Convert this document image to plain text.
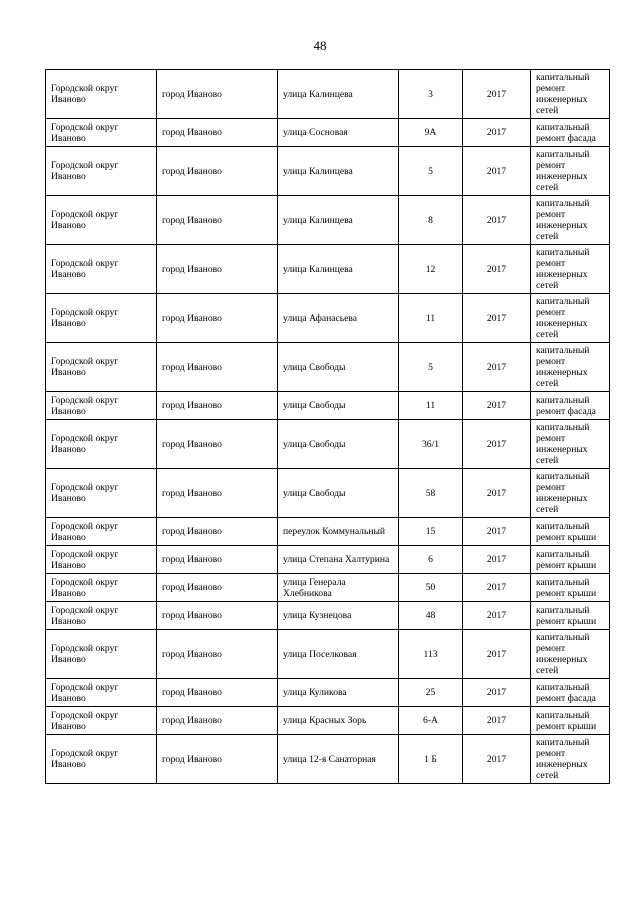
48
Городской округ Иваново	город Иваново	улица Калинцева	3	2017	капитальный ремонт инженерных сетей
Городской округ Иваново	город Иваново	улица Сосновая	9А	2017	капитальный ремонт фасада
Городской округ Иваново	город Иваново	улица Калинцева	5	2017	капитальный ремонт инженерных сетей
Городской округ Иваново	город Иваново	улица Калинцева	8	2017	капитальный ремонт инженерных сетей
Городской округ Иваново	город Иваново	улица Калинцева	12	2017	капитальный ремонт инженерных сетей
Городской округ Иваново	город Иваново	улица Афанасьева	11	2017	капитальный ремонт инженерных сетей
Городской округ Иваново	город Иваново	улица Свободы	5	2017	капитальный ремонт инженерных сетей
Городской округ Иваново	город Иваново	улица Свободы	11	2017	капитальный ремонт фасада
Городской округ Иваново	город Иваново	улица Свободы	36/1	2017	капитальный ремонт инженерных сетей
Городской округ Иваново	город Иваново	улица Свободы	58	2017	капитальный ремонт инженерных сетей
Городской округ Иваново	город Иваново	переулок Коммунальный	15	2017	капитальный ремонт крыши
Городской округ Иваново	город Иваново	улица Степана Халтурина	6	2017	капитальный ремонт крыши
Городской округ Иваново	город Иваново	улица Генерала Хлебникова	50	2017	капитальный ремонт крыши
Городской округ Иваново	город Иваново	улица Кузнецова	48	2017	капитальный ремонт крыши
Городской округ Иваново	город Иваново	улица Поселковая	113	2017	капитальный ремонт инженерных сетей
Городской округ Иваново	город Иваново	улица Куликова	25	2017	капитальный ремонт фасада
Городской округ Иваново	город Иваново	улица Красных Зорь	6-А	2017	капитальный ремонт крыши
Городской округ Иваново	город Иваново	улица 12-я Санаторная	1 Б	2017	капитальный ремонт инженерных сетей
